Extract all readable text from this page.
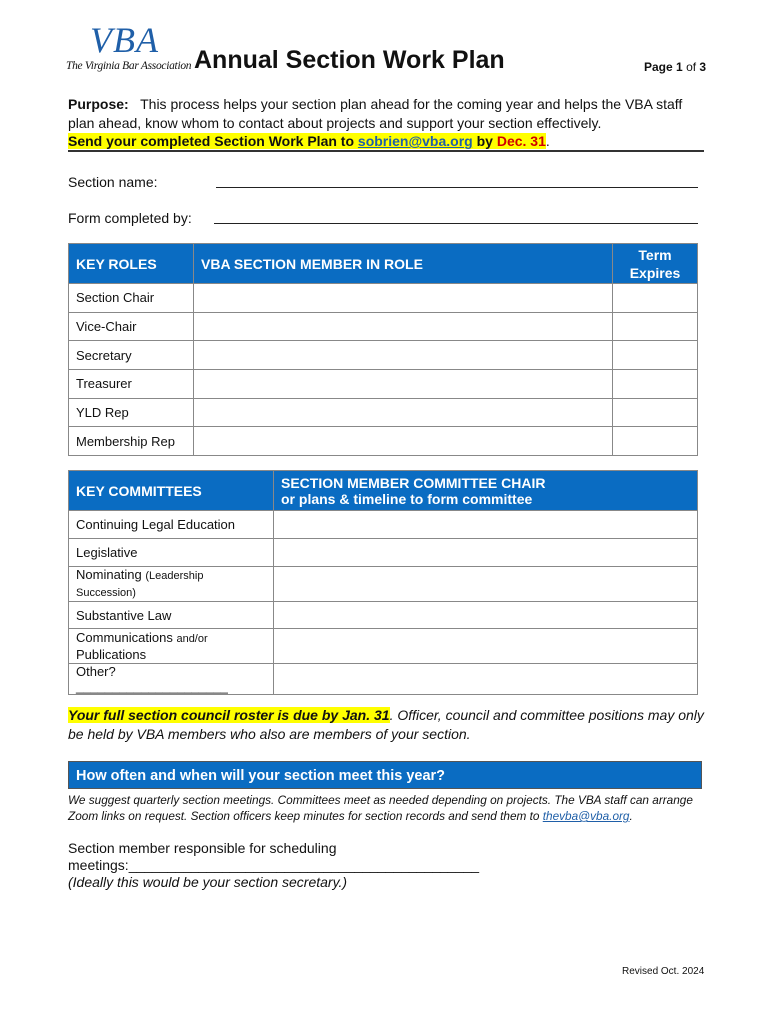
VBA
The Virginia Bar Association Annual Section Work Plan	Page 1 of 3
Purpose: This process helps your section plan ahead for the coming year and helps the VBA staff plan ahead, know whom to contact about projects and support your section effectively.
Send your completed Section Work Plan to sobrien@vba.org by Dec. 31.
Section name:
Form completed by:
KEY ROLES	VBA SECTION MEMBER IN ROLE	Term Expires
Section Chair		
Vice-Chair		
Secretary		
Treasurer		
YLD Rep		
Membership Rep		
KEY COMMITTEES	SECTION MEMBER COMMITTEE CHAIR
or plans & timeline to form committee

Continuing Legal Education	
Legislative	
Nominating (Leadership Succession)	
Substantive Law	
Communications and/or
Publications	
Other?_____________________	
Your full section council roster is due by Jan. 31. Officer, council and committee positions may only be held by VBA members who also are members of your section.
How often and when will your section meet this year?
We suggest quarterly section meetings. Committees meet as needed depending on projects. The VBA staff can arrange Zoom links on request. Section officers keep minutes for section records and send them to thevba@vba.org.
Section member responsible for scheduling meetings:_____________________________________________
(Ideally this would be your section secretary.)
Revised Oct. 2024
